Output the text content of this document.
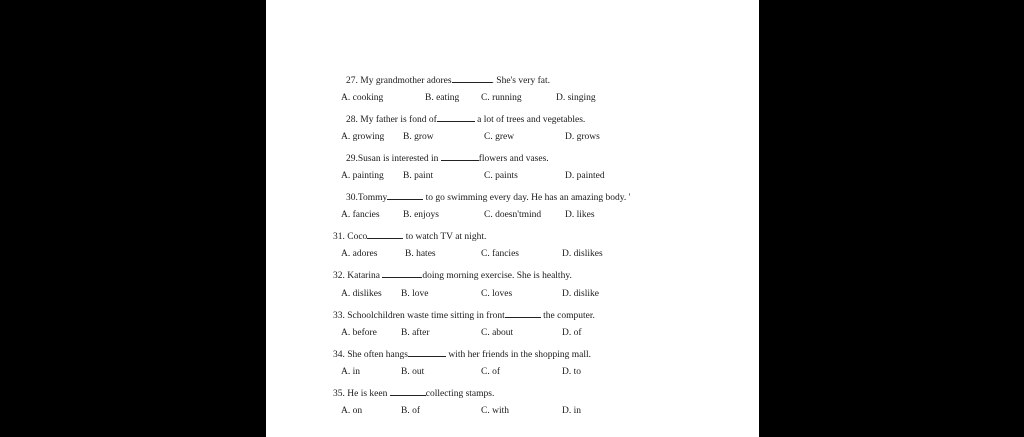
27. My grandmother adores	. She's very fat.
A. cooking	B. eating C. running	D. singing
28. My father is fond of	a lot of trees and vegetables.
A. growing B. grow	C. grew	D. grows
29.Susan is interested in	flowers and vases.
A. painting B. paint	C. paints	D. painted
30.Tommy	to go swimming every day. He has an amazing body. '
A. fancies B. enjoys	C. doesn'tmind	D. likes
31. Coco	to watch TV at night.
A. adores	B. hates	C. fancies	D. dislikes
32. Katarina	doing morning exercise. She is healthy.
A. dislikes B. love	C. loves	D. dislike
33. Schoolchildren waste time sitting in front	the computer.
A. before	B. after	C. about	D. of
34. She often hangs	with her friends in the shopping mall.
A. in	B. out	C. of	D. to
35. He is keen	collecting stamps.
A. on	B. of	C. with	D. in
